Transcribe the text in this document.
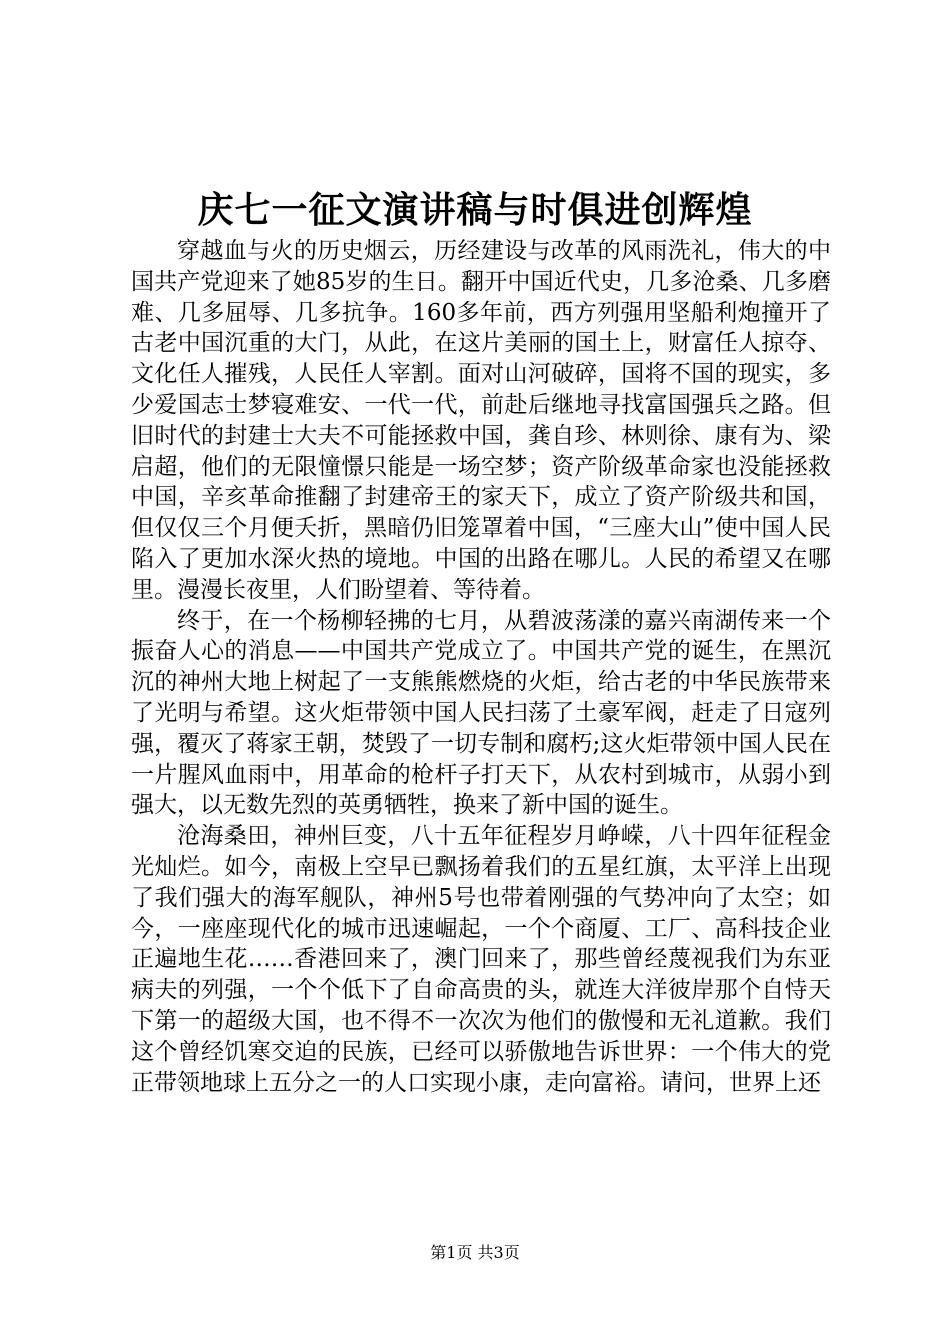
庆七一征文演讲稿与时俱进创辉煌

穿越血与火的历史烟云，历经建设与改革的风雨洗礼，伟大的中国共产党迎来了她85岁的生日。翻开中国近代史，几多沧桑、几多磨难、几多屈辱、几多抗争。160多年前，西方列强用坚船利炮撞开了古老中国沉重的大门，从此，在这片美丽的国土上，财富任人掠夺、文化任人摧残，人民任人宰割。面对山河破碎，国将不国的现实，多少爱国志士梦寝难安、一代一代，前赴后继地寻找富国强兵之路。但旧时代的封建士大夫不可能拯救中国，龚自珍、林则徐、康有为、梁启超，他们的无限憧憬只能是一场空梦；资产阶级革命家也没能拯救中国，辛亥革命推翻了封建帝王的家天下，成立了资产阶级共和国，但仅仅三个月便夭折，黑暗仍旧笼罩着中国，“三座大山”使中国人民陷入了更加水深火热的境地。中国的出路在哪儿。人民的希望又在哪里。漫漫长夜里，人们盼望着、等待着。

终于，在一个杨柳轻拂的七月，从碧波荡漾的嘉兴南湖传来一个振奋人心的消息——中国共产党成立了。中国共产党的诞生，在黑沉沉的神州大地上树起了一支熊熊燃烧的火炬，给古老的中华民族带来了光明与希望。这火炬带领中国人民扫荡了土豪军阀，赶走了日寇列强，覆灭了蒋家王朝，焚毁了一切专制和腐朽;这火炬带领中国人民在一片腥风血雨中，用革命的枪杆子打天下，从农村到城市，从弱小到强大，以无数先烈的英勇牺牲，换来了新中国的诞生。

沧海桑田，神州巨变，八十五年征程岁月峥嵘，八十四年征程金光灿烂。如今，南极上空早已飘扬着我们的五星红旗，太平洋上出现了我们强大的海军舰队，神州5号也带着刚强的气势冲向了太空；如今，一座座现代化的城市迅速崛起，一个个商厦、工厂、高科技企业正遍地生花……香港回来了，澳门回来了，那些曾经蔑视我们为东亚病夫的列强，一个个低下了自命高贵的头，就连大洋彼岸那个自恃天下第一的超级大国，也不得不一次次为他们的傲慢和无礼道歉。我们这个曾经饥寒交迫的民族，已经可以骄傲地告诉世界：一个伟大的党正带领地球上五分之一的人口实现小康，走向富裕。请问，世界上还

第1页 共3页
